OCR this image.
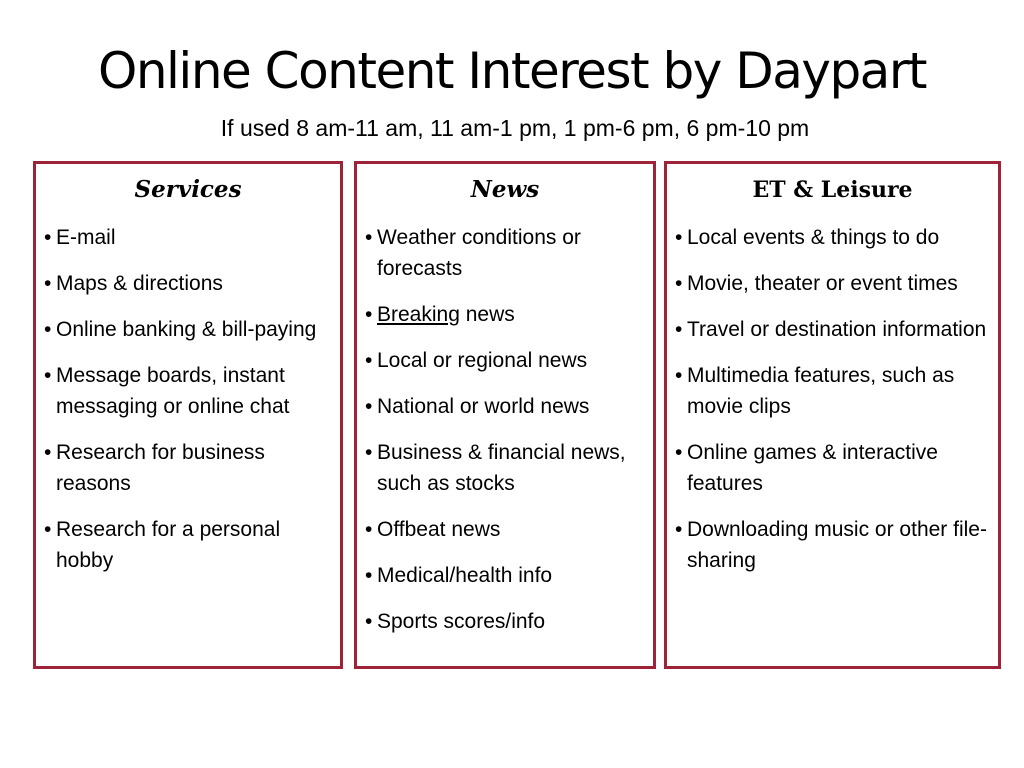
Online Content Interest by Daypart
If used 8 am-11 am, 11 am-1 pm, 1 pm-6 pm, 6 pm-10 pm
Services
• E-mail
• Maps & directions
• Online banking & bill-paying
• Message boards, instant messaging or online chat
• Research for business reasons
• Research for a personal hobby
News
• Weather conditions or forecasts
• Breaking news
• Local or regional news
• National or world news
• Business & financial news, such as stocks
• Offbeat news
• Medical/health info
• Sports scores/info
ET & Leisure
• Local events & things to do
• Movie, theater or event times
• Travel or destination information
• Multimedia features, such as movie clips
• Online games & interactive features
• Downloading music or other file-sharing
